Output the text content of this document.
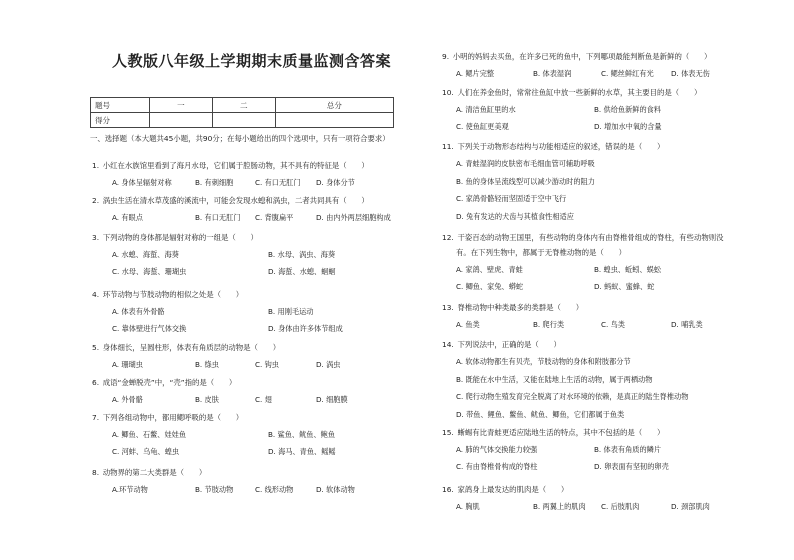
人教版八年级上学期期末质量监测含答案
题号	一	二	总分
得分			
一、选择题（本大题共45小题，共90分；在每小题给出的四个选项中，只有一项符合要求）
1. 小红在水族馆里看到了海月水母，它们属于腔肠动物，其不具有的特征是（　　）
A. 身体呈辐射对称	B. 有刺细胞	C. 有口无肛门 D. 身体分节
2. 涡虫生活在清水草茂盛的溪流中，可能会发现水螅和涡虫，二者共同具有（　　）
A. 有眼点	B. 有口无肛门 C. 背腹扁平	D. 由内外两层细胞构成
3. 下列动物的身体都是辐射对称的一组是（　　）
A. 水螅、海蜇、海葵	B. 水母、涡虫、海葵
C. 水母、海蜇、珊瑚虫	D. 海蜇、水螅、蛔蛔
4. 环节动物与节肢动物的相似之处是（　　）
A. 体表有外骨骼	B. 用刚毛运动
C. 靠体壁进行气体交换	D. 身体由许多体节组成
5. 身体细长，呈圆柱形，体表有角质层的动物是（　　）
A. 珊瑚虫	B. 绦虫	C. 钩虫	D. 涡虫
6. 成语“金蝉脱壳”中，“壳”指的是（　　）
A. 外骨骼	B. 皮肤	C. 翅	D. 细胞膜
7. 下列各组动物中，都用鳃呼吸的是（　　）
A. 鲫鱼、石鳖、娃娃鱼	B. 鲨鱼、鱿鱼、鲍鱼
C. 河蚌、乌龟、蝗虫	D. 海马、青鱼、鳐鳐
8. 动物界的第二大类群是（　　）
A.环节动物	B. 节肢动物	C. 线形动物	D. 软体动物
9. 小明的妈妈去买鱼，在许多已死的鱼中，下列哪项最能判断鱼是新鲜的（　　）
A. 鳃片完整	B. 体表湿润	C. 鳃丝鲜红有光 D. 体表无伤
10. 人们在养金鱼时，常常往鱼缸中放一些新鲜的水草，其主要目的是（　　）
A. 清洁鱼缸里的水	B. 供给鱼新鲜的食料
C. 使鱼缸更美观	D. 增加水中氧的含量
11. 下列关于动物形态结构与功能相适应的叙述，错误的是（　　）
A. 青蛙湿润的皮肤密布毛细血管可辅助呼吸
B. 鱼的身体呈流线型可以减少游动时的阻力
C. 家鸽骨骼轻而坚固适于空中飞行
D. 兔有发达的犬齿与其植食性相适应
12. 干姿百态的动物王国里，有些动物的身体内有由脊椎骨组成的脊柱，有些动物则没
有。在下列生物中，都属于无脊椎动物的是（　　）
A. 家鸽、壁虎、青蛙	B. 蝗虫、蚯蚓、蜈蚣
C. 鲫鱼、家兔、蟒蛇	D. 蚂蚁、蜜蜂、蛇
13. 脊椎动物中种类最多的类群是（　　）
A. 鱼类	B. 爬行类	C. 鸟类	D. 哺乳类
14. 下列说法中，正确的是（　　）
A. 软体动物都生有贝壳，节肢动物的身体和附肢都分节
B. 既能在水中生活，又能在陆地上生活的动物，属于两栖动物
C. 爬行动物生殖发育完全脱离了对水环境的依赖，是真正的陆生脊椎动物
D. 带鱼、鲤鱼、鳖鱼、鱿鱼、鲫鱼，它们都属于鱼类
15. 蜥蜴有比青蛙更适应陆地生活的特点，其中不包括的是（　　）
A. 肺的气体交换能力较强	B. 体表有角质的鳞片
C. 有由脊椎骨构成的脊柱	D. 卵表面有坚韧的卵壳
16. 家鸽身上最发达的肌肉是（　　）
A. 胸肌	B. 两翼上的肌肉 C. 后肢肌肉	D. 颈部肌肉
